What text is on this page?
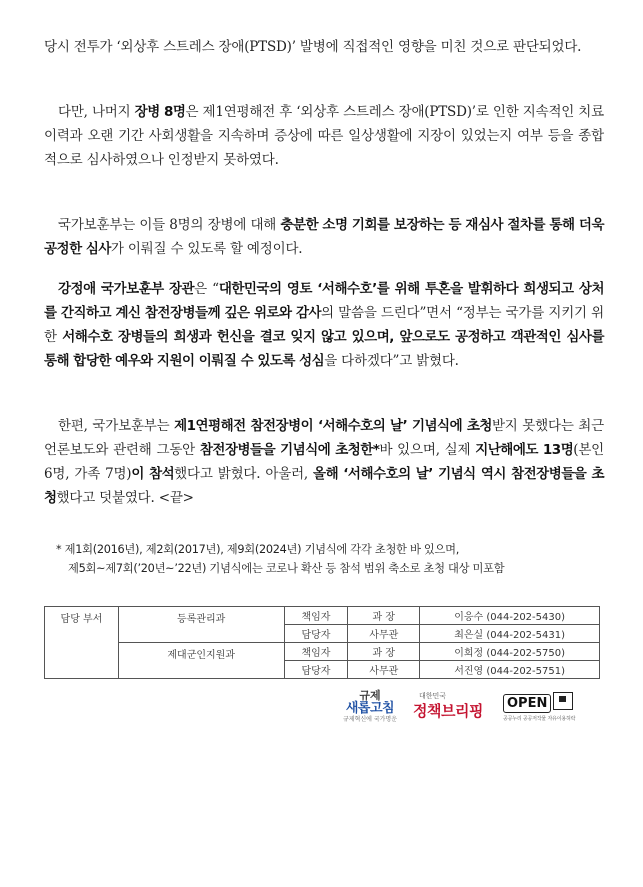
당시 전투가 ‘외상후 스트레스 장애(PTSD)’ 발병에 직접적인 영향을 미친 것으로 판단되었다.

다만, 나머지 장병 8명은 제1연평해전 후 ‘외상후 스트레스 장애(PTSD)’로 인한 지속적인 치료 이력과 오랜 기간 사회생활을 지속하며 증상에 따른 일상생활에 지장이 있었는지 여부 등을 종합적으로 심사하였으나 인정받지 못하였다.

국가보훈부는 이들 8명의 장병에 대해 충분한 소명 기회를 보장하는 등 재심사 절차를 통해 더욱 공정한 심사가 이뤄질 수 있도록 할 예정이다.

강정애 국가보훈부 장관은 “대한민국의 영토 ‘서해수호’를 위해 투혼을 발휘하다 희생되고 상처를 간직하고 계신 참전장병들께 깊은 위로와 감사의 말씀을 드린다”면서 “정부는 국가를 지키기 위한 서해수호 장병들의 희생과 헌신을 결코 잊지 않고 있으며, 앞으로도 공정하고 객관적인 심사를 통해 합당한 예우와 지원이 이뤄질 수 있도록 성심을 다하겠다”고 밝혔다.

한편, 국가보훈부는 제1연평해전 참전장병이 ‘서해수호의 날’ 기념식에 초청받지 못했다는 최근 언론보도와 관련해 그동안 참전장병들을 기념식에 초청한*바 있으며, 실제 지난해에도 13명(본인 6명, 가족 7명)이 참석했다고 밝혔다. 아울러, 올해 ‘서해수호의 날’ 기념식 역시 참전장병들을 초청했다고 덧붙였다. <끝>

* 제1회(2016년), 제2회(2017년), 제9회(2024년) 기념식에 각각 초청한 바 있으며,

제5회~제7회(’20년~’22년) 기념식에는 코로나 확산 등 참석 범위 축소로 초청 대상 미포함

담당 부서	등록관리과	책임자	과 장	이응수 (044-202-5430)
		담당자	사무관	최은실 (044-202-5431)
	제대군인지원과	책임자	과 장	이희정 (044-202-5750)
		담당자	사무관	서진영 (044-202-5751)
규제
새롭고침
규제혁신에 국가명운
대한민국
정책브리핑	OPEN
공공누리 공공저작물 자유이용허락
